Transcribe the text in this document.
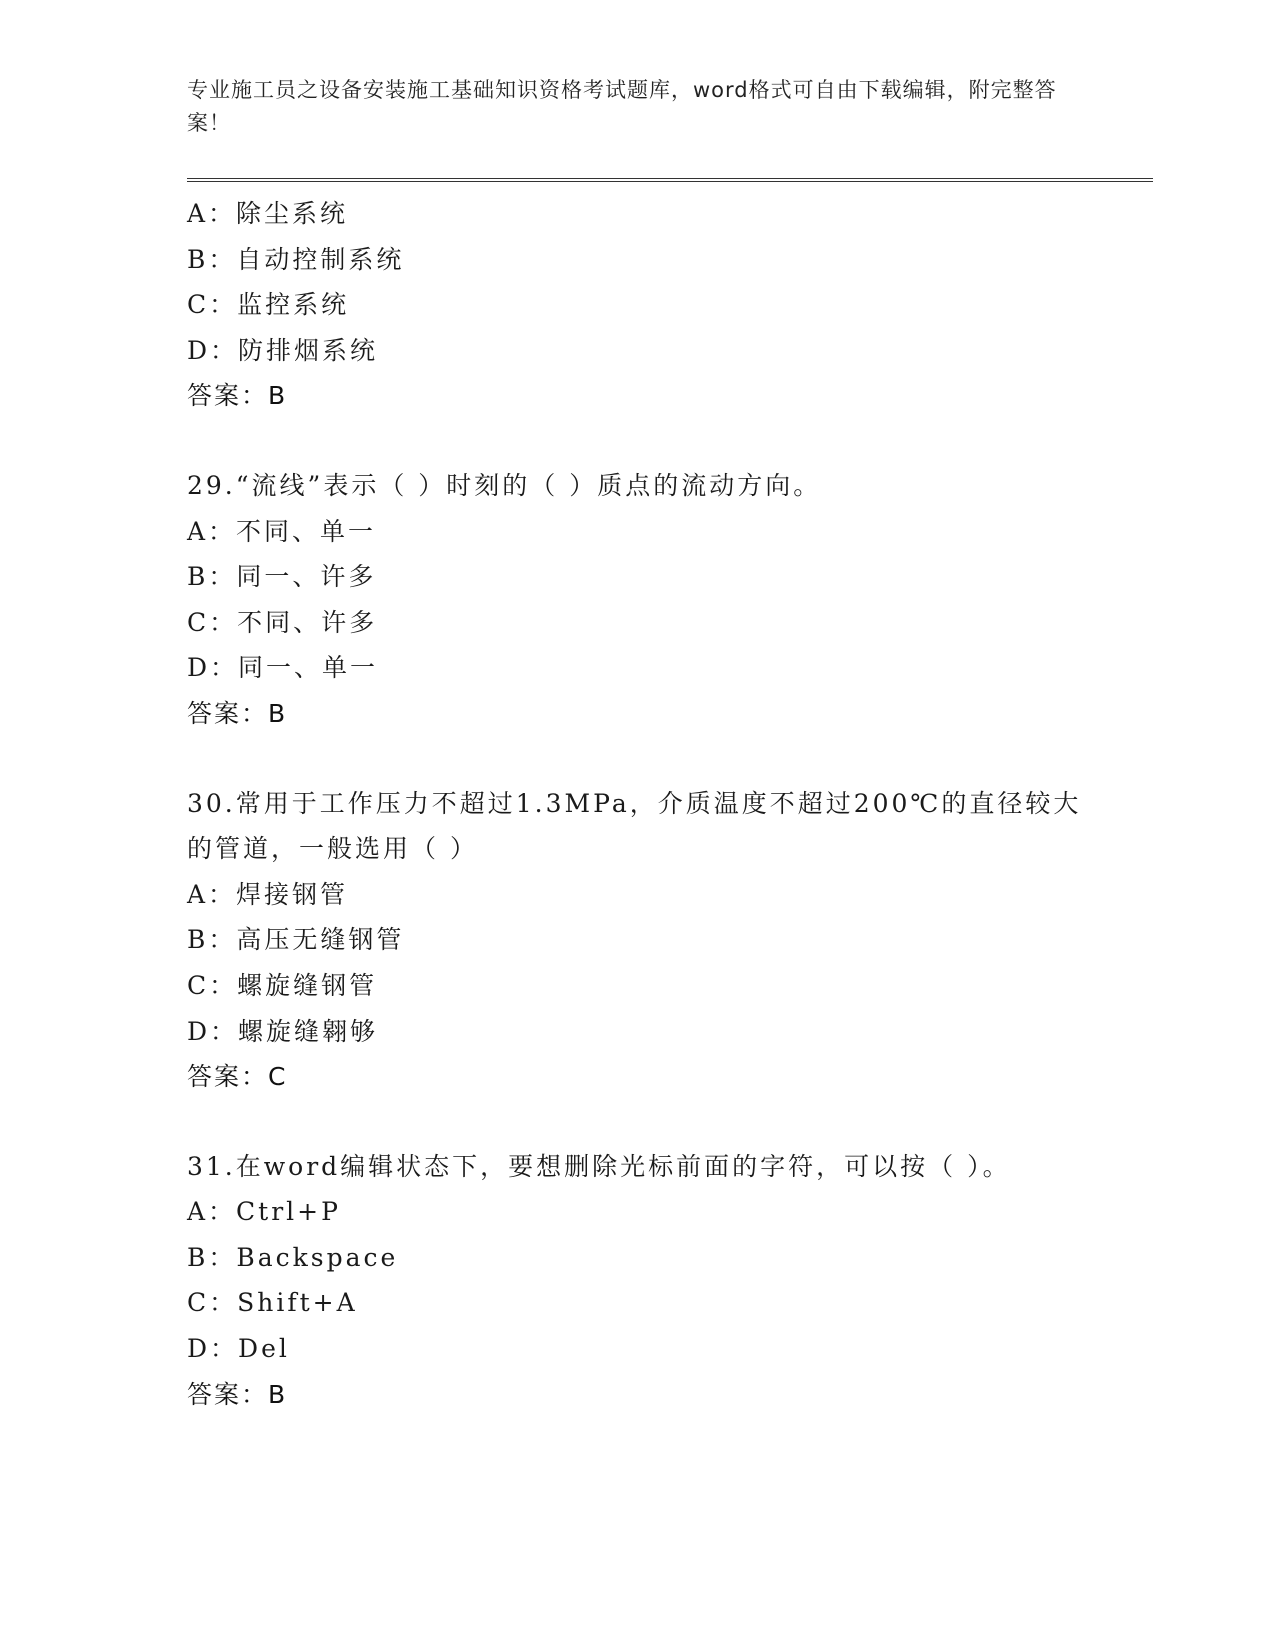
专业施工员之设备安装施工基础知识资格考试题库，word格式可自由下载编辑，附完整答案！
A：除尘系统
B：自动控制系统
C：监控系统
D：防排烟系统
答案：B
29.“流线”表示（ ）时刻的（ ）质点的流动方向。
A：不同、单一
B：同一、许多
C：不同、许多
D：同一、单一
答案：B
30.常用于工作压力不超过1.3MPa，介质温度不超过200℃的直径较大的管道，一般选用（ ）
A：焊接钢管
B：高压无缝钢管
C：螺旋缝钢管
D：螺旋缝翱够
答案：C
31.在word编辑状态下，要想删除光标前面的字符，可以按（ ）。
A：Ctrl+P
B：Backspace
C：Shift+A
D：Del
答案：B
